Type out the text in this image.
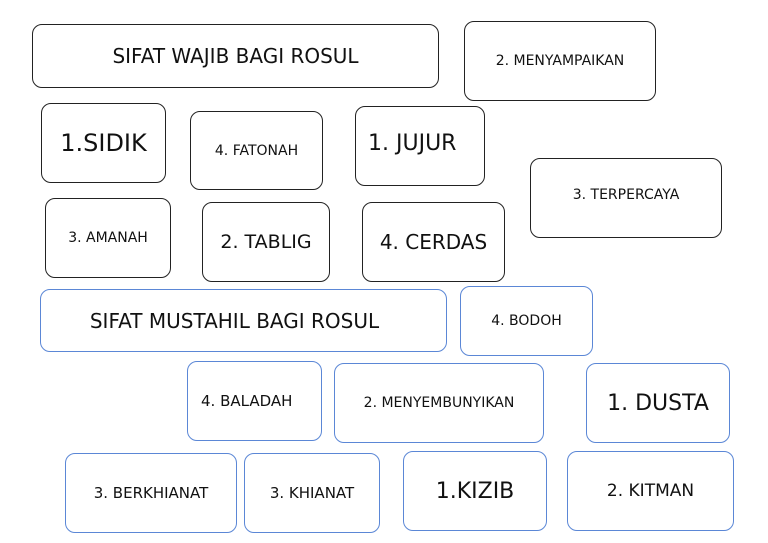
SIFAT WAJIB BAGI ROSUL	2. MENYAMPAIKAN
1.SIDIK	4. FATONAH	1. JUJUR
3. TERPERCAYA
3. AMANAH	2. TABLIG	4. CERDAS
SIFAT MUSTAHIL BAGI ROSUL	4. BODOH
4. BALADAH	2. MENYEMBUNYIKAN	1. DUSTA
3. BERKHIANAT	3. KHIANAT	1.KIZIB	2. KITMAN
